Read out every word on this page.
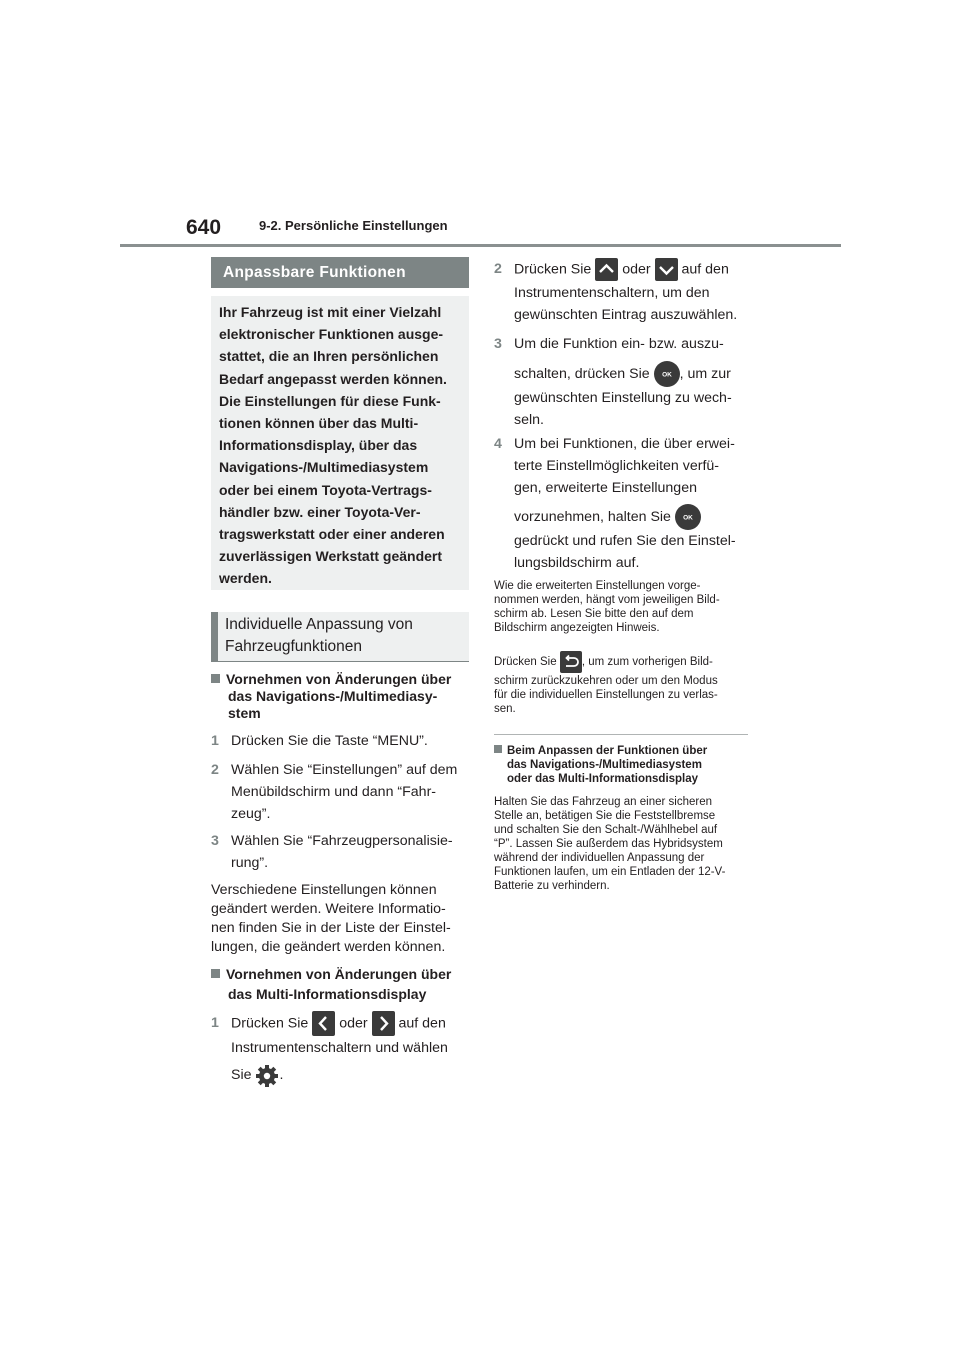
640	9-2. Persönliche Einstellungen
Anpassbare Funktionen
Ihr Fahrzeug ist mit einer Vielzahl
elektronischer Funktionen ausge-
stattet, die an Ihren persönlichen
Bedarf angepasst werden können.
Die Einstellungen für diese Funk-
tionen können über das Multi-
Informationsdisplay, über das
Navigations-/Multimediasystem
oder bei einem Toyota-Vertrags-
händler bzw. einer Toyota-Ver-
tragswerkstatt oder einer anderen
zuverlässigen Werkstatt geändert
werden.
Individuelle Anpassung von
Fahrzeugfunktionen
Vornehmen von Änderungen über
das Navigations-/Multimediasy-
stem
1 Drücken Sie die Taste “MENU”.
2 Wählen Sie “Einstellungen” auf dem
Menübildschirm und dann “Fahr-
zeug”.
3 Wählen Sie “Fahrzeugpersonalisie-
rung”.
Verschiedene Einstellungen können
geändert werden. Weitere Informatio-
nen finden Sie in der Liste der Einstel-
lungen, die geändert werden können.
Vornehmen von Änderungen über
das Multi-Informationsdisplay
1 Drücken Sie oder auf den
Instrumentenschaltern und wählen
Sie .
2 Drücken Sie oder auf den
Instrumentenschaltern, um den
gewünschten Eintrag auszuwählen.
3 Um die Funktion ein- bzw. auszu-
schalten, drücken Sie OK , um zur
gewünschten Einstellung zu wech-
seln.
4 Um bei Funktionen, die über erwei-
terte Einstellmöglichkeiten verfü-
gen, erweiterte Einstellungen
vorzunehmen, halten Sie OK
gedrückt und rufen Sie den Einstel-
lungsbildschirm auf.
Wie die erweiterten Einstellungen vorge-
nommen werden, hängt vom jeweiligen Bild-
schirm ab. Lesen Sie bitte den auf dem
Bildschirm angezeigten Hinweis.
Drücken Sie , um zum vorherigen Bild-
schirm zurückzukehren oder um den Modus
für die individuellen Einstellungen zu verlas-
sen.
Beim Anpassen der Funktionen über
das Navigations-/Multimediasystem
oder das Multi-Informationsdisplay
Halten Sie das Fahrzeug an einer sicheren
Stelle an, betätigen Sie die Feststellbremse
und schalten Sie den Schalt-/Wählhebel auf
“P”. Lassen Sie außerdem das Hybridsystem
während der individuellen Anpassung der
Funktionen laufen, um ein Entladen der 12-V-
Batterie zu verhindern.
